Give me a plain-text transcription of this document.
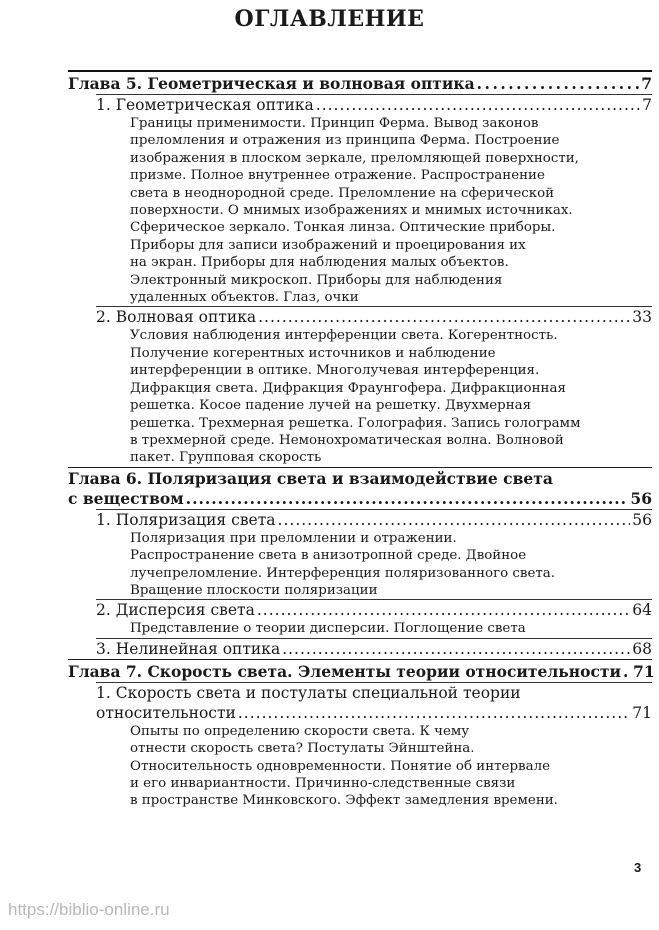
ОГЛАВЛЕНИЕ
Глава 5. Геометрическая и волновая оптика .....	7
1. Геометрическая оптика .....	7
Границы применимости. Принцип Ферма. Вывод законов
преломления и отражения из принципа Ферма. Построение
изображения в плоском зеркале, преломляющей поверхности,
призме. Полное внутреннее отражение. Распространение
света в неоднородной среде. Преломление на сферической
поверхности. О мнимых изображениях и мнимых источниках.
Сферическое зеркало. Тонкая линза. Оптические приборы.
Приборы для записи изображений и проецирования их
на экран. Приборы для наблюдения малых объектов.
Электронный микроскоп. Приборы для наблюдения
удаленных объектов. Глаз, очки
2. Волновая оптика .....	33
Условия наблюдения интерференции света. Когерентность.
Получение когерентных источников и наблюдение
интерференции в оптике. Многолучевая интерференция.
Дифракция света. Дифракция Фраунгофера. Дифракционная
решетка. Косое падение лучей на решетку. Двухмерная
решетка. Трехмерная решетка. Голография. Запись голограмм
в трехмерной среде. Немонохроматическая волна. Волновой
пакет. Групповая скорость
Глава 6. Поляризация света и взаимодействие света
с веществом .....	56
1. Поляризация света .....	56
Поляризация при преломлении и отражении.
Распространение света в анизотропной среде. Двойное
лучепреломление. Интерференция поляризованного света.
Вращение плоскости поляризации
2. Дисперсия света .....	64
Представление о теории дисперсии. Поглощение света
3. Нелинейная оптика .....	68
Глава 7. Скорость света. Элементы теории относительности ..... 71
1. Скорость света и постулаты специальной теории
относительности .....	71
Опыты по определению скорости света. К чему
отнести скорость света? Постулаты Эйнштейна.
Относительность одновременности. Понятие об интервале
и его инвариантности. Причинно-следственные связи
в пространстве Минковского. Эффект замедления времени.
3
https://biblio-online.ru
